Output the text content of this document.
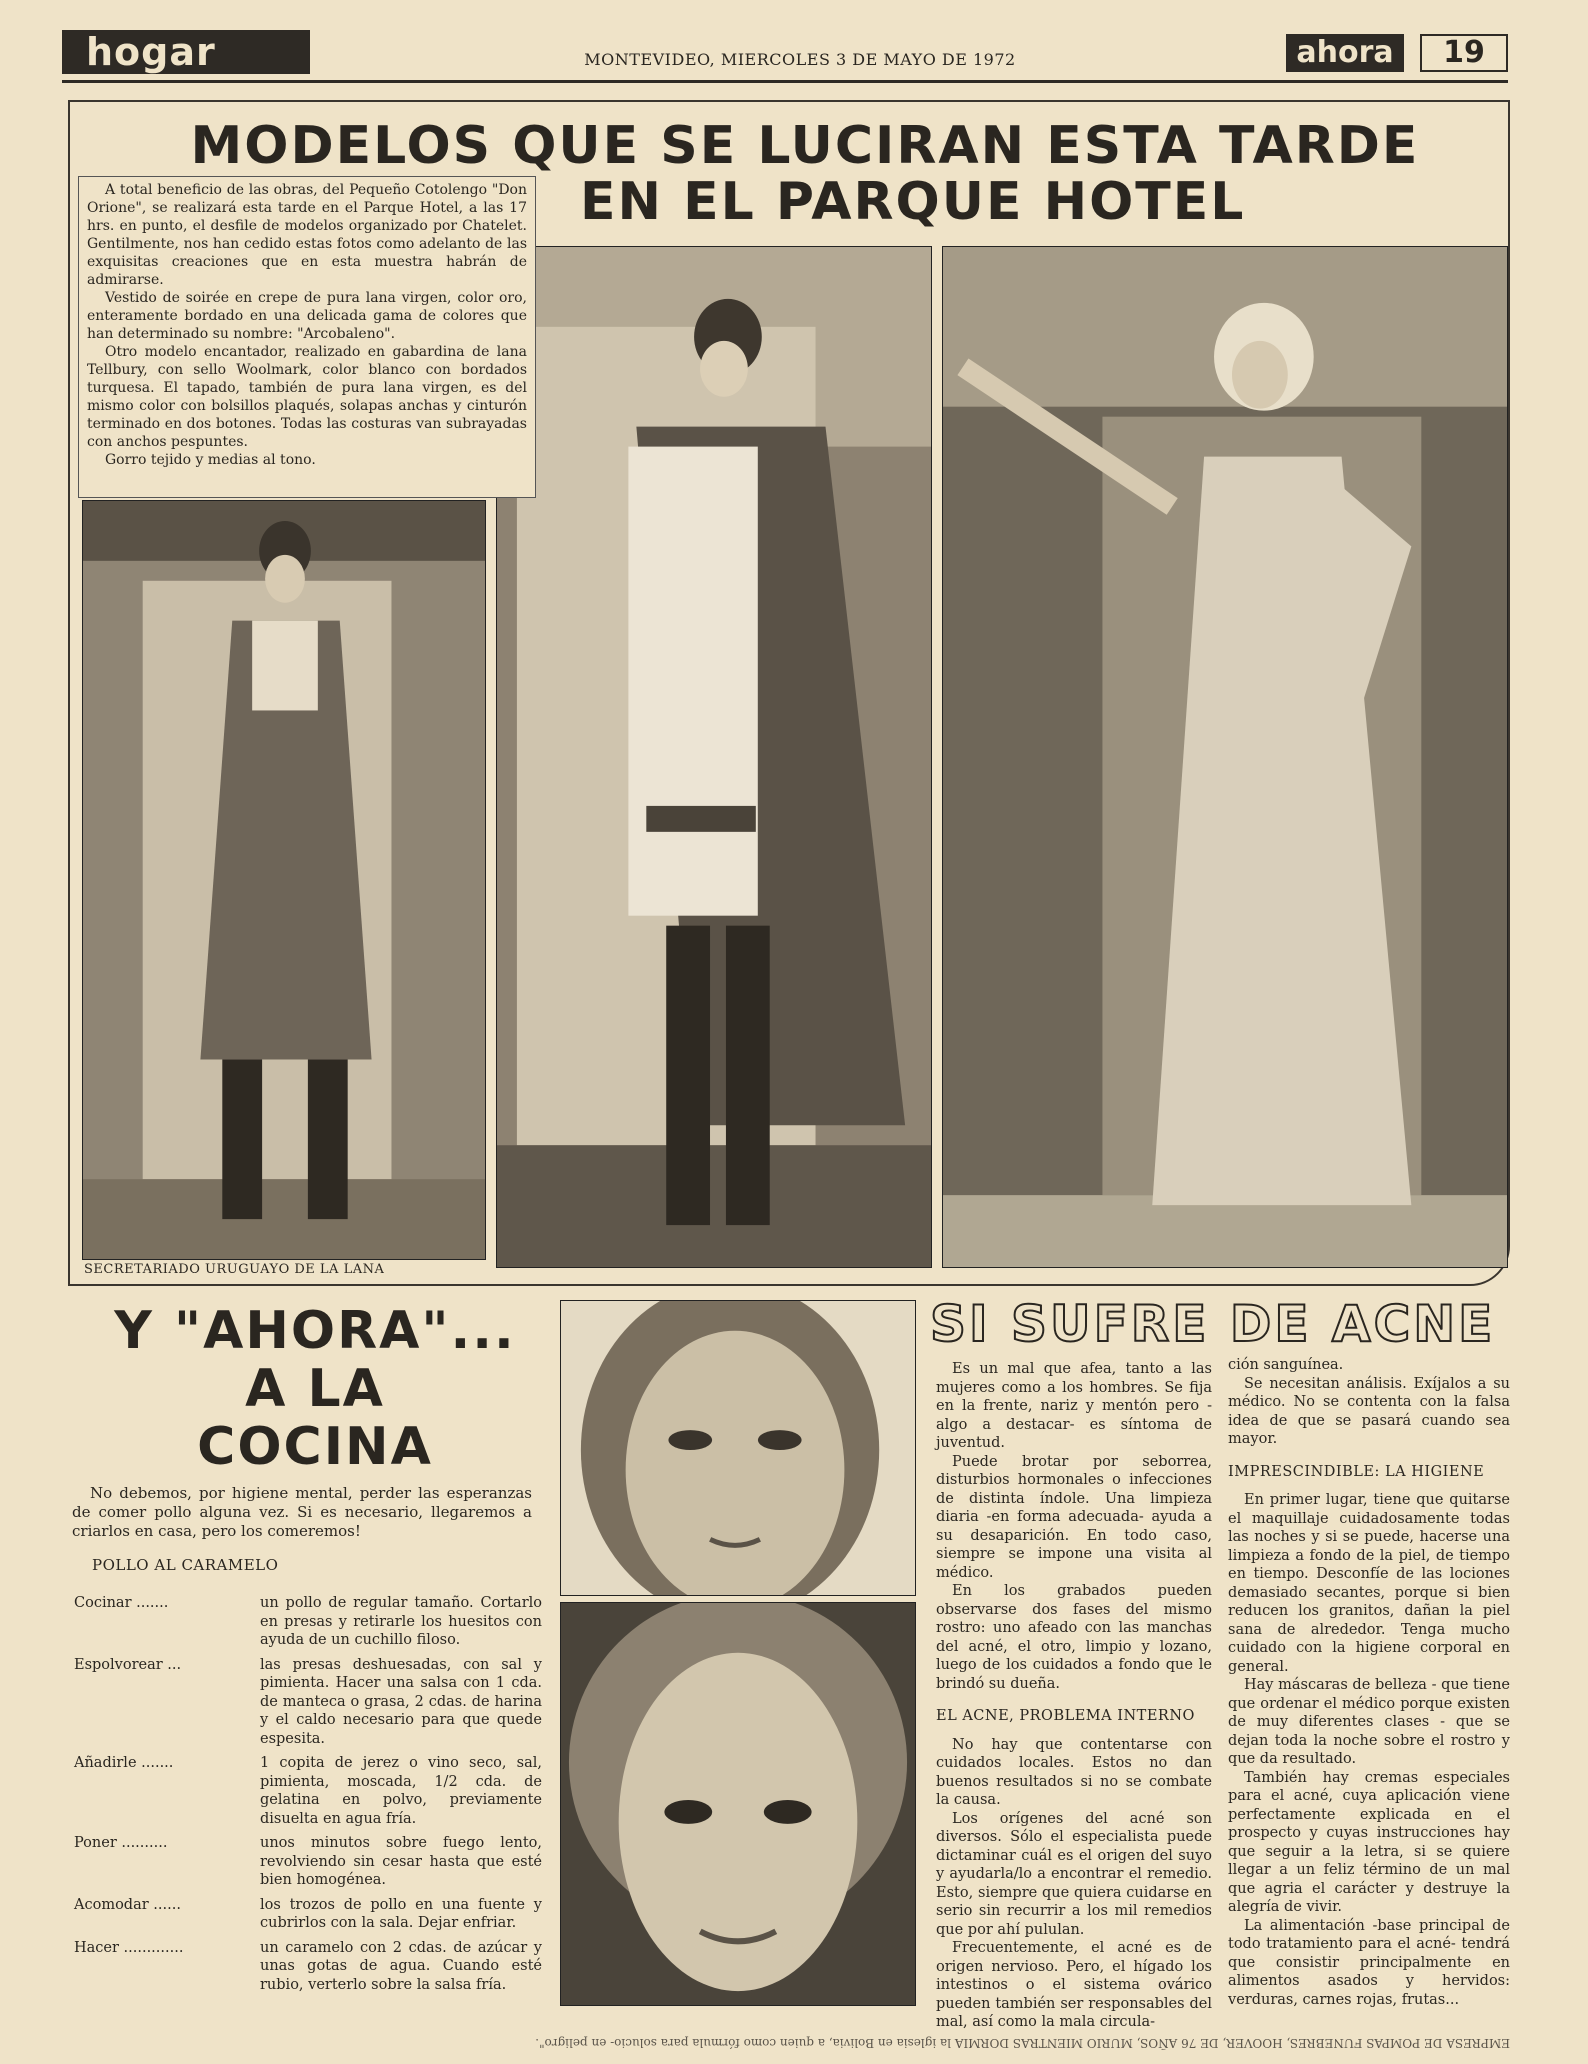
hogar	MONTEVIDEO, MIERCOLES 3 DE MAYO DE 1972	ahora	19
MODELOS QUE SE LUCIRAN ESTA TARDE
EN EL PARQUE HOTEL

A total beneficio de las obras, del Pequeño Cotolengo "Don Orione", se realizará esta tarde en el Parque Hotel, a las 17 hrs. en punto, el desfile de modelos organizado por Chatelet. Gentilmente, nos han cedido estas fotos como adelanto de las exquisitas creaciones que en esta muestra habrán de admirarse.

Vestido de soirée en crepe de pura lana virgen, color oro, enteramente bordado en una delicada gama de colores que han determinado su nombre: "Arcobaleno".

Otro modelo encantador, realizado en gabardina de lana Tellbury, con sello Woolmark, color blanco con bordados turquesa. El tapado, también de pura lana virgen, es del mismo color con bolsillos plaqués, solapas anchas y cinturón terminado en dos botones. Todas las costuras van subrayadas con anchos pespuntes.

Gorro tejido y medias al tono.

SECRETARIADO URUGUAYO DE LA LANA
Y "AHORA"...
A LA
COCINA
No debemos, por higiene mental, perder las esperanzas de comer pollo alguna vez. Si es necesario, llegaremos a criarlos en casa, pero los comeremos!
POLLO AL CARAMELO
Cocinar .......	un pollo de regular tamaño. Cortarlo en presas y retirarle los huesitos con ayuda de un cuchillo filoso.
Espolvorear ...	las presas deshuesadas, con sal y pimienta. Hacer una salsa con 1 cda. de manteca o grasa, 2 cdas. de harina y el caldo necesario para que quede espesita.
Añadirle .......	1 copita de jerez o vino seco, sal, pimienta, moscada, 1/2 cda. de gelatina en polvo, previamente disuelta en agua fría.
Poner ..........	unos minutos sobre fuego lento, revolviendo sin cesar hasta que esté bien homogénea.
Acomodar ......	los trozos de pollo en una fuente y cubrirlos con la sala. Dejar enfriar.
Hacer .............	un caramelo con 2 cdas. de azúcar y unas gotas de agua. Cuando esté rubio, verterlo sobre la salsa fría.
SI SUFRE DE ACNE

Es un mal que afea, tanto a las mujeres como a los hombres. Se fija en la frente, nariz y mentón pero -algo a destacar- es síntoma de juventud.

Puede brotar por seborrea, disturbios hormonales o infecciones de distinta índole. Una limpieza diaria -en forma adecuada- ayuda a su desaparición. En todo caso, siempre se impone una visita al médico.

En los grabados pueden observarse dos fases del mismo rostro: uno afeado con las manchas del acné, el otro, limpio y lozano, luego de los cuidados a fondo que le brindó su dueña.

EL ACNE, PROBLEMA INTERNO

No hay que contentarse con cuidados locales. Estos no dan buenos resultados si no se combate la causa.

Los orígenes del acné son diversos. Sólo el especialista puede dictaminar cuál es el origen del suyo y ayudarla/lo a encontrar el remedio. Esto, siempre que quiera cuidarse en serio sin recurrir a los mil remedios que por ahí pululan.

Frecuentemente, el acné es de origen nervioso. Pero, el hígado los intestinos o el sistema ovárico pueden también ser responsables del mal, así como la mala circula-

ción sanguínea.

Se necesitan análisis. Exíjalos a su médico. No se contenta con la falsa idea de que se pasará cuando sea mayor.

IMPRESCINDIBLE: LA HIGIENE

En primer lugar, tiene que quitarse el maquillaje cuidadosamente todas las noches y si se puede, hacerse una limpieza a fondo de la piel, de tiempo en tiempo. Desconfíe de las lociones demasiado secantes, porque si bien reducen los granitos, dañan la piel sana de alrededor. Tenga mucho cuidado con la higiene corporal en general.

Hay máscaras de belleza - que tiene que ordenar el médico porque existen de muy diferentes clases - que se dejan toda la noche sobre el rostro y que da resultado.

También hay cremas especiales para el acné, cuya aplicación viene perfectamente explicada en el prospecto y cuyas instrucciones hay que seguir a la letra, si se quiere llegar a un feliz término de un mal que agria el carácter y destruye la alegría de vivir.

La alimentación -base principal de todo tratamiento para el acné- tendrá que consistir principalmente en alimentos asados y hervidos: verduras, carnes rojas, frutas...

EMPRESA DE POMPAS FUNEBRES, HOOVER, DE 76 AÑOS, MURIO MIENTRAS DORMIA la iglesia en Bolivia, a quien como fórmula para solucio- en peligro".
